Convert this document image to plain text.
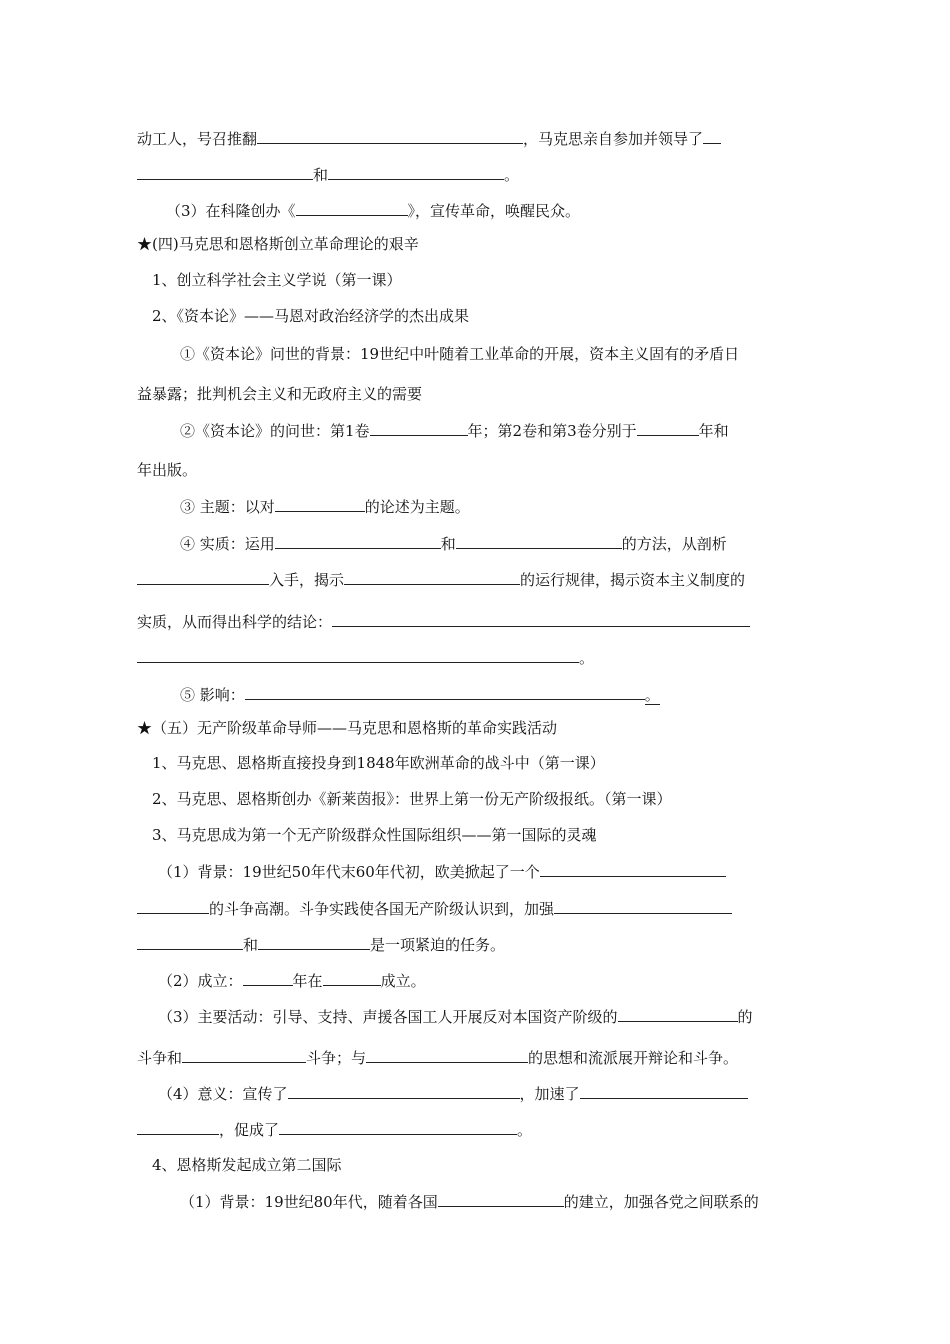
动工人，号召推翻	，马克思亲自参加并领导了
和	。
（3）在科隆创办《	》，宣传革命，唤醒民众。
★(四)马克思和恩格斯创立革命理论的艰辛
1、创立科学社会主义学说（第一课）
2、《资本论》——马恩对政治经济学的杰出成果
①《资本论》问世的背景：19世纪中叶随着工业革命的开展，资本主义固有的矛盾日
益暴露；批判机会主义和无政府主义的需要
②《资本论》的问世：第1卷	年；第2卷和第3卷分别于	年和
年出版。
③ 主题：以对	的论述为主题。
④ 实质：运用	和	的方法，从剖析
入手，揭示	的运行规律，揭示资本主义制度的
实质，从而得出科学的结论：
。
⑤ 影响：	。
★（五）无产阶级革命导师——马克思和恩格斯的革命实践活动
1、马克思、恩格斯直接投身到1848年欧洲革命的战斗中（第一课）
2、马克思、恩格斯创办《新莱茵报》：世界上第一份无产阶级报纸。（第一课）
3、马克思成为第一个无产阶级群众性国际组织——第一国际的灵魂
（1）背景：19世纪50年代末60年代初，欧美掀起了一个
的斗争高潮。斗争实践使各国无产阶级认识到，加强
和	是一项紧迫的任务。
（2）成立：	年在	成立。
（3）主要活动：引导、支持、声援各国工人开展反对本国资产阶级的	的
斗争和	斗争；与	的思想和流派展开辩论和斗争。
（4）意义：宣传了	，加速了
，促成了	。
4、恩格斯发起成立第二国际
（1）背景：19世纪80年代，随着各国	的建立，加强各党之间联系的
